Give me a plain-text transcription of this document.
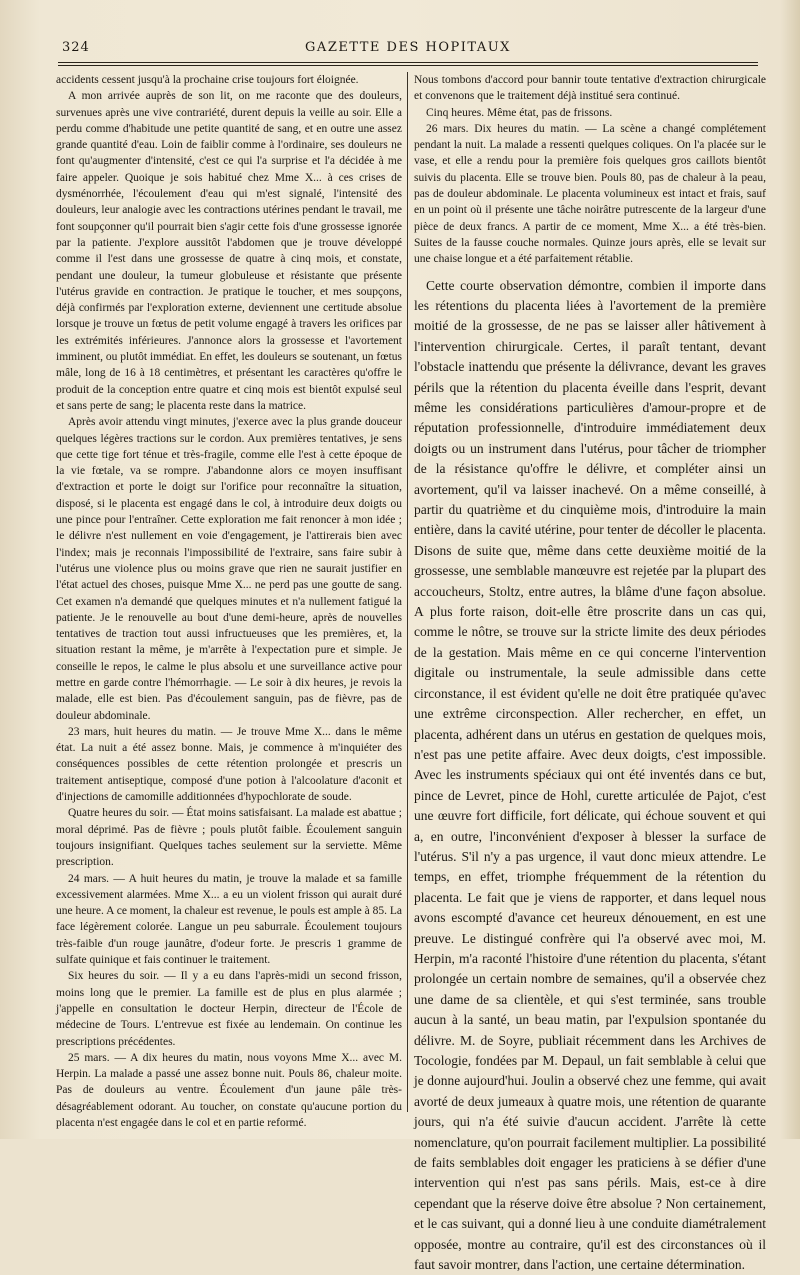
324	GAZETTE DES HOPITAUX

accidents cessent jusqu'à la prochaine crise toujours fort éloignée.

A mon arrivée auprès de son lit, on me raconte que des douleurs, survenues après une vive contrariété, durent depuis la veille au soir. Elle a perdu comme d'habitude une petite quantité de sang, et en outre une assez grande quantité d'eau. Loin de faiblir comme à l'ordinaire, ses douleurs ne font qu'augmenter d'intensité, c'est ce qui l'a surprise et l'a décidée à me faire appeler. Quoique je sois habitué chez Mme X... à ces crises de dysménorrhée, l'écoulement d'eau qui m'est signalé, l'intensité des douleurs, leur analogie avec les contractions utérines pendant le travail, me font soupçonner qu'il pourrait bien s'agir cette fois d'une grossesse ignorée par la patiente. J'explore aussitôt l'abdomen que je trouve développé comme il l'est dans une grossesse de quatre à cinq mois, et constate, pendant une douleur, la tumeur globuleuse et résistante que présente l'utérus gravide en contraction. Je pratique le toucher, et mes soupçons, déjà confirmés par l'exploration externe, deviennent une certitude absolue lorsque je trouve un fœtus de petit volume engagé à travers les orifices par les extrémités inférieures. J'annonce alors la grossesse et l'avortement imminent, ou plutôt immédiat. En effet, les douleurs se soutenant, un fœtus mâle, long de 16 à 18 centimètres, et présentant les caractères qu'offre le produit de la conception entre quatre et cinq mois est bientôt expulsé seul et sans perte de sang; le placenta reste dans la matrice.

Après avoir attendu vingt minutes, j'exerce avec la plus grande douceur quelques légères tractions sur le cordon. Aux premières tentatives, je sens que cette tige fort ténue et très-fragile, comme elle l'est à cette époque de la vie fœtale, va se rompre. J'abandonne alors ce moyen insuffisant d'extraction et porte le doigt sur l'orifice pour reconnaître la situation, disposé, si le placenta est engagé dans le col, à introduire deux doigts ou une pince pour l'entraîner. Cette exploration me fait renoncer à mon idée ; le délivre n'est nullement en voie d'engagement, je l'attirerais bien avec l'index; mais je reconnais l'impossibilité de l'extraire, sans faire subir à l'utérus une violence plus ou moins grave que rien ne saurait justifier en l'état actuel des choses, puisque Mme X... ne perd pas une goutte de sang. Cet examen n'a demandé que quelques minutes et n'a nullement fatigué la patiente. Je le renouvelle au bout d'une demi-heure, après de nouvelles tentatives de traction tout aussi infructueuses que les premières, et, la situation restant la même, je m'arrête à l'expectation pure et simple. Je conseille le repos, le calme le plus absolu et une surveillance active pour mettre en garde contre l'hémorrhagie. — Le soir à dix heures, je revois la malade, elle est bien. Pas d'écoulement sanguin, pas de fièvre, pas de douleur abdominale.

23 mars, huit heures du matin. — Je trouve Mme X... dans le même état. La nuit a été assez bonne. Mais, je commence à m'inquiéter des conséquences possibles de cette rétention prolongée et prescris un traitement antiseptique, composé d'une potion à l'alcoolature d'aconit et d'injections de camomille additionnées d'hypochlorate de soude.

Quatre heures du soir. — État moins satisfaisant. La malade est abattue ; moral déprimé. Pas de fièvre ; pouls plutôt faible. Écoulement sanguin toujours insignifiant. Quelques taches seulement sur la serviette. Même prescription.

24 mars. — A huit heures du matin, je trouve la malade et sa famille excessivement alarmées. Mme X... a eu un violent frisson qui aurait duré une heure. A ce moment, la chaleur est revenue, le pouls est ample à 85. La face légèrement colorée. Langue un peu saburrale. Écoulement toujours très-faible d'un rouge jaunâtre, d'odeur forte. Je prescris 1 gramme de sulfate quinique et fais continuer le traitement.

Six heures du soir. — Il y a eu dans l'après-midi un second frisson, moins long que le premier. La famille est de plus en plus alarmée ; j'appelle en consultation le docteur Herpin, directeur de l'École de médecine de Tours. L'entrevue est fixée au lendemain. On continue les prescriptions précédentes.

25 mars. — A dix heures du matin, nous voyons Mme X... avec M. Herpin. La malade a passé une assez bonne nuit. Pouls 86, chaleur moite. Pas de douleurs au ventre. Écoulement d'un jaune pâle très-désagréablement odorant. Au toucher, on constate qu'aucune portion du placenta n'est engagée dans le col et en partie reformé.

Nous tombons d'accord pour bannir toute tentative d'extraction chirurgicale et convenons que le traitement déjà institué sera continué.

Cinq heures. Même état, pas de frissons.

26 mars. Dix heures du matin. — La scène a changé complétement pendant la nuit. La malade a ressenti quelques coliques. On l'a placée sur le vase, et elle a rendu pour la première fois quelques gros caillots bientôt suivis du placenta. Elle se trouve bien. Pouls 80, pas de chaleur à la peau, pas de douleur abdominale. Le placenta volumineux est intact et frais, sauf en un point où il présente une tâche noirâtre putrescente de la largeur d'une pièce de deux francs. A partir de ce moment, Mme X... a été très-bien. Suites de la fausse couche normales. Quinze jours après, elle se levait sur une chaise longue et a été parfaitement rétablie.

Cette courte observation démontre, combien il importe dans les rétentions du placenta liées à l'avortement de la première moitié de la grossesse, de ne pas se laisser aller hâtivement à l'intervention chirurgicale. Certes, il paraît tentant, devant l'obstacle inattendu que présente la délivrance, devant les graves périls que la rétention du placenta éveille dans l'esprit, devant même les considérations particulières d'amour-propre et de réputation professionnelle, d'introduire immédiatement deux doigts ou un instrument dans l'utérus, pour tâcher de triompher de la résistance qu'offre le délivre, et compléter ainsi un avortement, qu'il va laisser inachevé. On a même conseillé, à partir du quatrième et du cinquième mois, d'introduire la main entière, dans la cavité utérine, pour tenter de décoller le placenta. Disons de suite que, même dans cette deuxième moitié de la grossesse, une semblable manœuvre est rejetée par la plupart des accoucheurs, Stoltz, entre autres, la blâme d'une façon absolue. A plus forte raison, doit-elle être proscrite dans un cas qui, comme le nôtre, se trouve sur la stricte limite des deux périodes de la gestation. Mais même en ce qui concerne l'intervention digitale ou instrumentale, la seule admissible dans cette circonstance, il est évident qu'elle ne doit être pratiquée qu'avec une extrême circonspection. Aller rechercher, en effet, un placenta, adhérent dans un utérus en gestation de quelques mois, n'est pas une petite affaire. Avec deux doigts, c'est impossible. Avec les instruments spéciaux qui ont été inventés dans ce but, pince de Levret, pince de Hohl, curette articulée de Pajot, c'est une œuvre fort difficile, fort délicate, qui échoue souvent et qui a, en outre, l'inconvénient d'exposer à blesser la surface de l'utérus. S'il n'y a pas urgence, il vaut donc mieux attendre. Le temps, en effet, triomphe fréquemment de la rétention du placenta. Le fait que je viens de rapporter, et dans lequel nous avons escompté d'avance cet heureux dénouement, en est une preuve. Le distingué confrère qui l'a observé avec moi, M. Herpin, m'a raconté l'histoire d'une rétention du placenta, s'étant prolongée un certain nombre de semaines, qu'il a observée chez une dame de sa clientèle, et qui s'est terminée, sans trouble aucun à la santé, un beau matin, par l'expulsion spontanée du délivre. M. de Soyre, publiait récemment dans les Archives de Tocologie, fondées par M. Depaul, un fait semblable à celui que je donne aujourd'hui. Joulin a observé chez une femme, qui avait avorté de deux jumeaux à quatre mois, une rétention de quarante jours, qui n'a été suivie d'aucun accident. J'arrête là cette nomenclature, qu'on pourrait facilement multiplier. La possibilité de faits semblables doit engager les praticiens à se défier d'une intervention qui n'est pas sans périls. Mais, est-ce à dire cependant que la réserve doive être absolue ? Non certainement, et le cas suivant, qui a donné lieu à une conduite diamétralement opposée, montre au contraire, qu'il est des circonstances où il faut savoir montrer, dans l'action, une certaine détermination.
